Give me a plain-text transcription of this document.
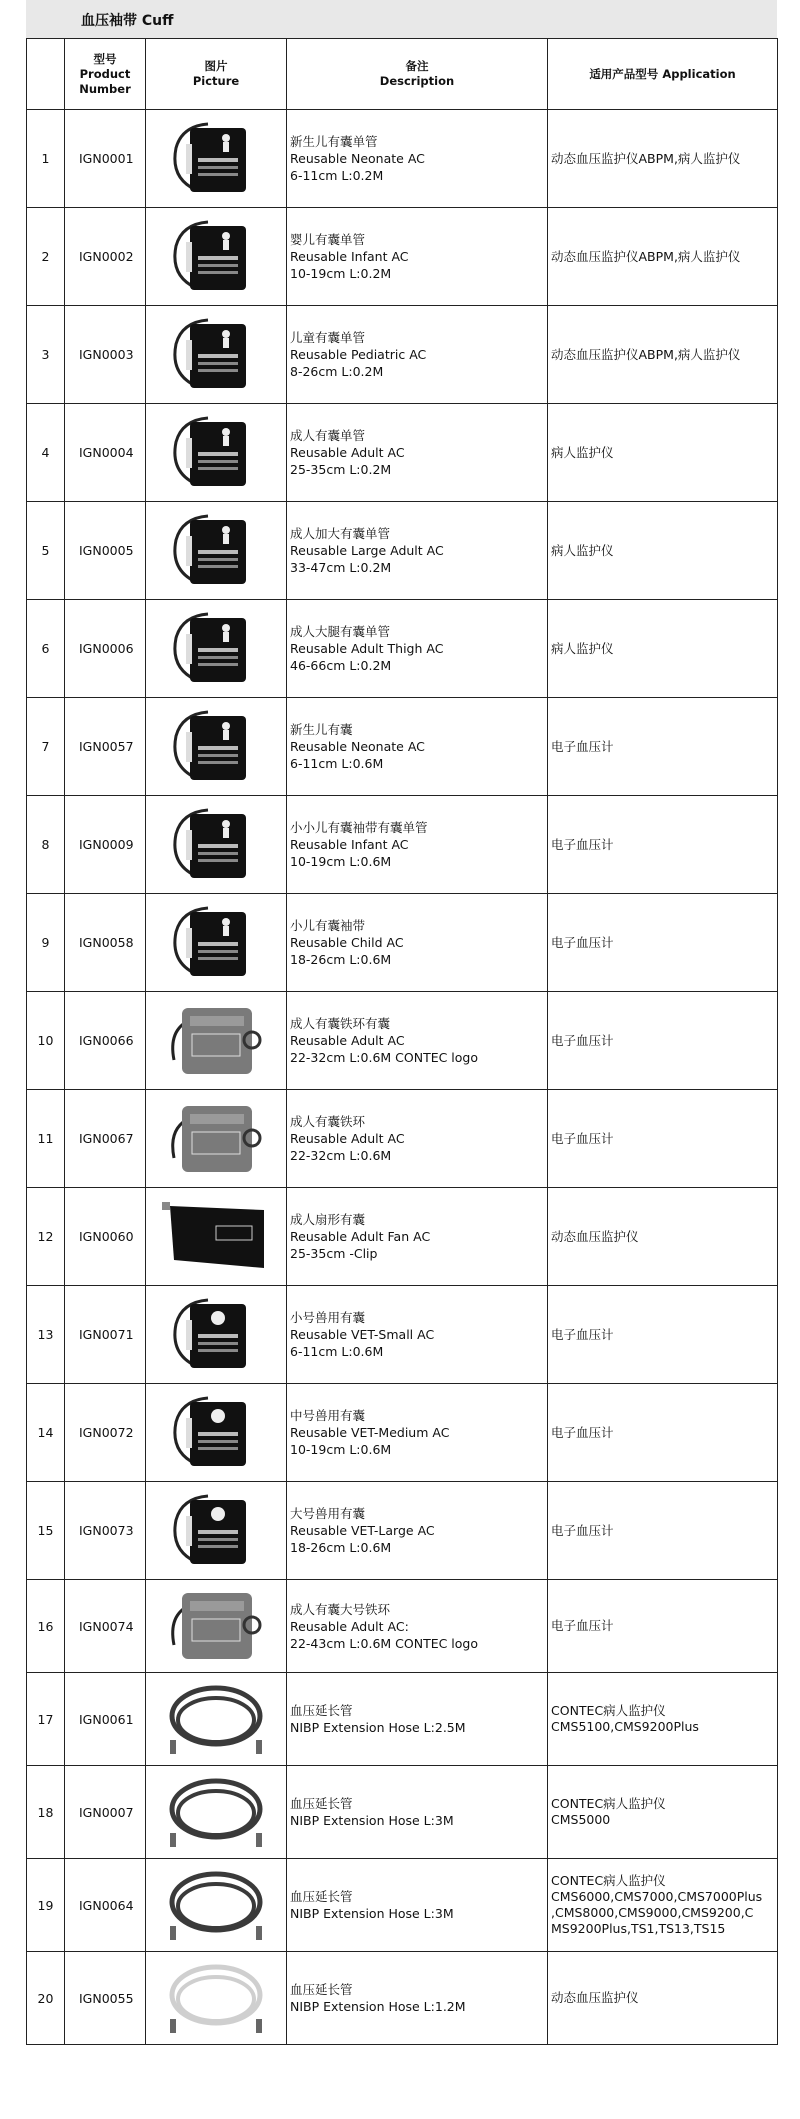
血压袖带 Cuff

	型号
Product
Number	图片
Picture	备注
Description	适用产品型号 Application
1	IGN0001		新生儿有囊单管
Reusable Neonate AC
6-11cm L:0.2M	动态血压监护仪ABPM,病人监护仪

2	IGN0002		婴儿有囊单管
Reusable Infant AC
10-19cm L:0.2M	动态血压监护仪ABPM,病人监护仪

3	IGN0003		儿童有囊单管
Reusable Pediatric AC
8-26cm L:0.2M	动态血压监护仪ABPM,病人监护仪

4	IGN0004		成人有囊单管
Reusable Adult AC
25-35cm L:0.2M	病人监护仪

5	IGN0005		成人加大有囊单管
Reusable Large Adult AC
33-47cm L:0.2M	病人监护仪

6	IGN0006		成人大腿有囊单管
Reusable Adult Thigh AC
46-66cm L:0.2M	病人监护仪

7	IGN0057		新生儿有囊
Reusable Neonate AC
6-11cm L:0.6M	电子血压计

8	IGN0009		小小儿有囊袖带有囊单管
Reusable Infant AC
10-19cm L:0.6M	电子血压计

9	IGN0058		小儿有囊袖带
Reusable Child AC
18-26cm L:0.6M	电子血压计

10	IGN0066		成人有囊铁环有囊
Reusable Adult AC
22-32cm L:0.6M CONTEC logo	电子血压计

11	IGN0067		成人有囊铁环
Reusable Adult AC
22-32cm L:0.6M	电子血压计

12	IGN0060		成人扇形有囊
Reusable Adult Fan AC
25-35cm -Clip	动态血压监护仪

13	IGN0071		小号兽用有囊
Reusable VET-Small AC
6-11cm L:0.6M	电子血压计

14	IGN0072		中号兽用有囊
Reusable VET-Medium AC
10-19cm L:0.6M	电子血压计

15	IGN0073		大号兽用有囊
Reusable VET-Large AC
18-26cm L:0.6M	电子血压计

16	IGN0074		成人有囊大号铁环
Reusable Adult AC:
22-43cm L:0.6M CONTEC logo	电子血压计

17	IGN0061		血压延长管
NIBP Extension Hose L:2.5M	CONTEC病人监护仪
CMS5100,CMS9200Plus

18	IGN0007		血压延长管
NIBP Extension Hose L:3M	CONTEC病人监护仪
CMS5000

19	IGN0064		血压延长管
NIBP Extension Hose L:3M	CONTEC病人监护仪
CMS6000,CMS7000,CMS7000Plus
,CMS8000,CMS9000,CMS9200,C
MS9200Plus,TS1,TS13,TS15

20	IGN0055		血压延长管
NIBP Extension Hose L:1.2M	动态血压监护仪
